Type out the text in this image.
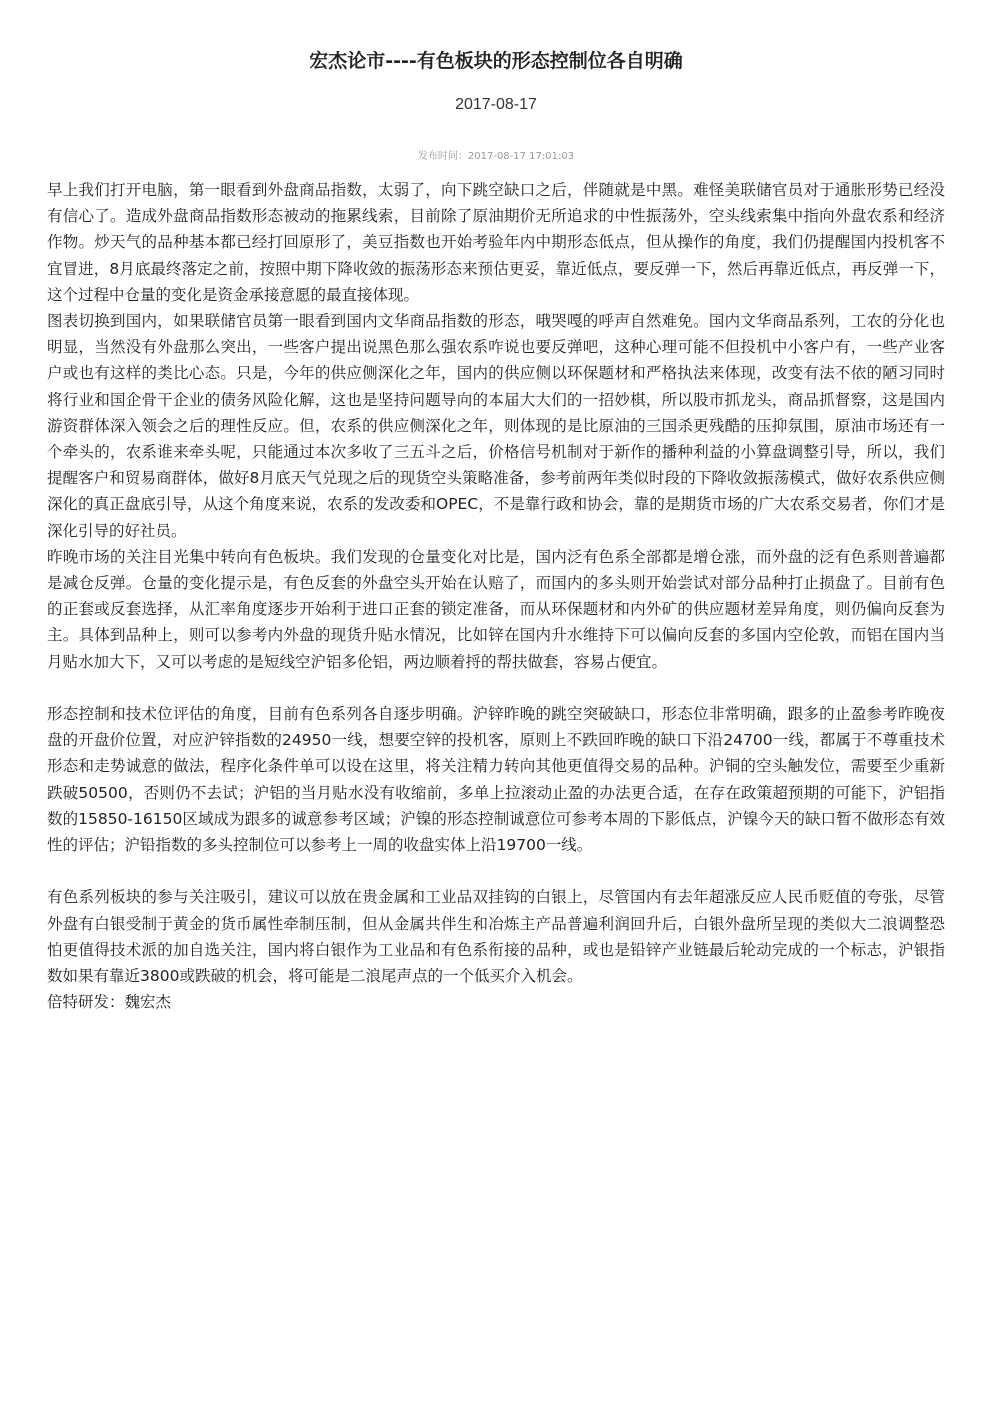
宏杰论市----有色板块的形态控制位各自明确
2017-08-17
发布时间：2017-08-17 17:01:03

早上我们打开电脑，第一眼看到外盘商品指数，太弱了，向下跳空缺口之后，伴随就是中黑。难怪美联储官员对于通胀形势已经没有信心了。造成外盘商品指数形态被动的拖累线索，目前除了原油期价无所追求的中性振荡外，空头线索集中指向外盘农系和经济作物。炒天气的品种基本都已经打回原形了，美豆指数也开始考验年内中期形态低点，但从操作的角度，我们仍提醒国内投机客不宜冒进，8月底最终落定之前，按照中期下降收敛的振荡形态来预估更妥，靠近低点，要反弹一下，然后再靠近低点，再反弹一下，这个过程中仓量的变化是资金承接意愿的最直接体现。

图表切换到国内，如果联储官员第一眼看到国内文华商品指数的形态，哦哭嘎的呼声自然难免。国内文华商品系列，工农的分化也明显，当然没有外盘那么突出，一些客户提出说黑色那么强农系咋说也要反弹吧，这种心理可能不但投机中小客户有，一些产业客户或也有这样的类比心态。只是，今年的供应侧深化之年，国内的供应侧以环保题材和严格执法来体现，改变有法不依的陋习同时将行业和国企骨干企业的债务风险化解，这也是坚持问题导向的本届大大们的一招妙棋，所以股市抓龙头，商品抓督察，这是国内游资群体深入领会之后的理性反应。但，农系的供应侧深化之年，则体现的是比原油的三国杀更残酷的压抑氛围，原油市场还有一个牵头的，农系谁来牵头呢，只能通过本次多收了三五斗之后，价格信号机制对于新作的播种利益的小算盘调整引导，所以，我们提醒客户和贸易商群体，做好8月底天气兑现之后的现货空头策略准备，参考前两年类似时段的下降收敛振荡模式，做好农系供应侧深化的真正盘底引导，从这个角度来说，农系的发改委和OPEC，不是靠行政和协会，靠的是期货市场的广大农系交易者，你们才是深化引导的好社员。

昨晚市场的关注目光集中转向有色板块。我们发现的仓量变化对比是，国内泛有色系全部都是增仓涨，而外盘的泛有色系则普遍都是减仓反弹。仓量的变化提示是，有色反套的外盘空头开始在认赔了，而国内的多头则开始尝试对部分品种打止损盘了。目前有色的正套或反套选择，从汇率角度逐步开始利于进口正套的锁定准备，而从环保题材和内外矿的供应题材差异角度，则仍偏向反套为主。具体到品种上，则可以参考内外盘的现货升贴水情况，比如锌在国内升水维持下可以偏向反套的多国内空伦敦，而铝在国内当月贴水加大下，又可以考虑的是短线空沪铝多伦铝，两边顺着捋的帮扶做套，容易占便宜。

形态控制和技术位评估的角度，目前有色系列各自逐步明确。沪锌昨晚的跳空突破缺口，形态位非常明确，跟多的止盈参考昨晚夜盘的开盘价位置，对应沪锌指数的24950一线，想要空锌的投机客，原则上不跌回昨晚的缺口下沿24700一线，都属于不尊重技术形态和走势诚意的做法，程序化条件单可以设在这里，将关注精力转向其他更值得交易的品种。沪铜的空头触发位，需要至少重新跌破50500，否则仍不去试；沪铝的当月贴水没有收缩前，多单上拉滚动止盈的办法更合适，在存在政策超预期的可能下，沪铝指数的15850-16150区域成为跟多的诚意参考区域；沪镍的形态控制诚意位可参考本周的下影低点，沪镍今天的缺口暂不做形态有效性的评估；沪铅指数的多头控制位可以参考上一周的收盘实体上沿19700一线。

有色系列板块的参与关注吸引，建议可以放在贵金属和工业品双挂钩的白银上，尽管国内有去年超涨反应人民币贬值的夸张，尽管外盘有白银受制于黄金的货币属性牵制压制，但从金属共伴生和冶炼主产品普遍利润回升后，白银外盘所呈现的类似大二浪调整恐怕更值得技术派的加自选关注，国内将白银作为工业品和有色系衔接的品种，或也是铅锌产业链最后轮动完成的一个标志，沪银指数如果有靠近3800或跌破的机会，将可能是二浪尾声点的一个低买介入机会。

倍特研发：魏宏杰
